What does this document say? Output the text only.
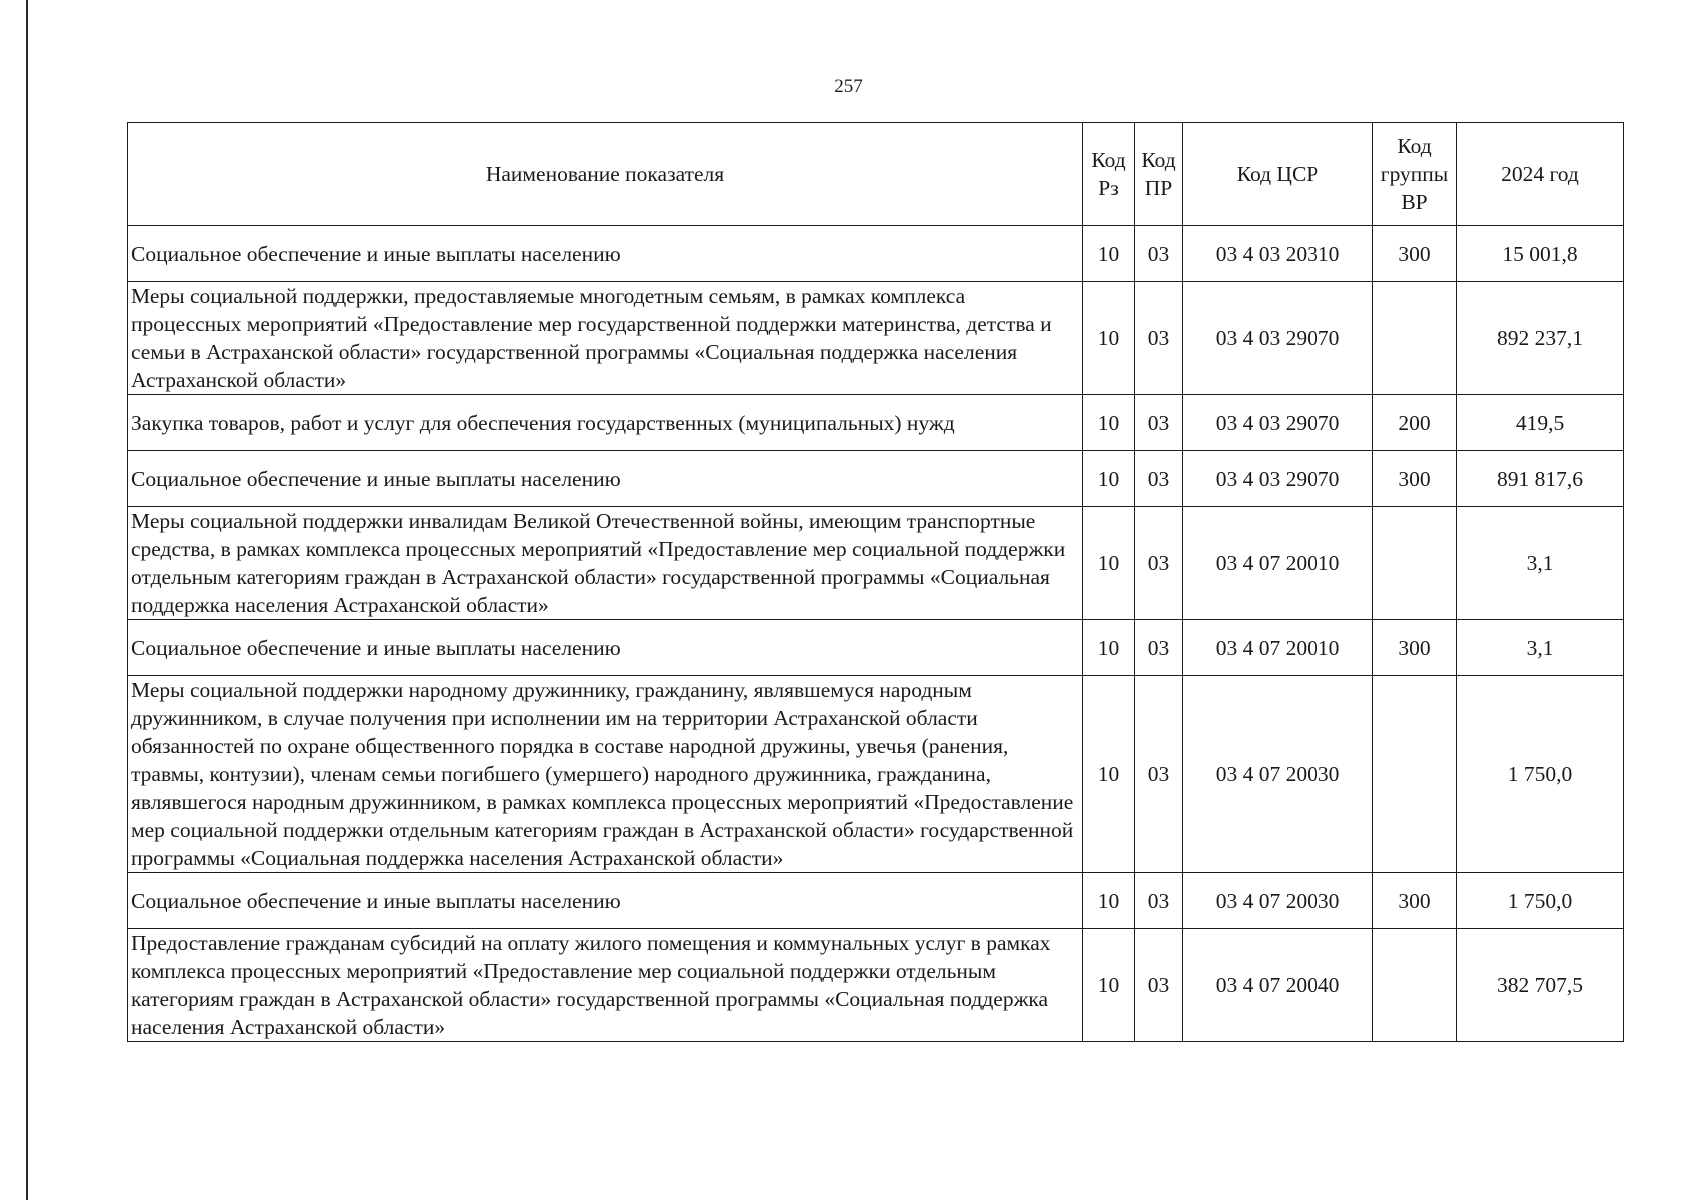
257
Наименование показателя	Код Рз	Код ПР	Код ЦСР	Код группы ВР	2024 год
Социальное обеспечение и иные выплаты населению	10	03	03 4 03 20310	300	15 001,8
Меры социальной поддержки, предоставляемые многодетным семьям, в рамках комплекса процессных мероприятий «Предоставление мер государственной поддержки материнства, детства и семьи в Астраханской области» государственной программы «Социальная поддержка населения Астраханской области»	10	03	03 4 03 29070		892 237,1
Закупка товаров, работ и услуг для обеспечения государственных (муниципальных) нужд	10	03	03 4 03 29070	200	419,5
Социальное обеспечение и иные выплаты населению	10	03	03 4 03 29070	300	891 817,6
Меры социальной поддержки инвалидам Великой Отечественной войны, имеющим транспортные средства, в рамках комплекса процессных мероприятий «Предоставление мер социальной поддержки отдельным категориям граждан в Астраханской области» государственной программы «Социальная поддержка населения Астраханской области»	10	03	03 4 07 20010		3,1
Социальное обеспечение и иные выплаты населению	10	03	03 4 07 20010	300	3,1
Меры социальной поддержки народному дружиннику, гражданину, являвшемуся народным дружинником, в случае получения при исполнении им на территории Астраханской области обязанностей по охране общественного порядка в составе народной дружины, увечья (ранения, травмы, контузии), членам семьи погибшего (умершего) народного дружинника, гражданина, являвшегося народным дружинником, в рамках комплекса процессных мероприятий «Предоставление мер социальной поддержки отдельным категориям граждан в Астраханской области» государственной программы «Социальная поддержка населения Астраханской области»	10	03	03 4 07 20030		1 750,0
Социальное обеспечение и иные выплаты населению	10	03	03 4 07 20030	300	1 750,0
Предоставление гражданам субсидий на оплату жилого помещения и коммунальных услуг в рамках комплекса процессных мероприятий «Предоставление мер социальной поддержки отдельным категориям граждан в Астраханской области» государственной программы «Социальная поддержка населения Астраханской области»	10	03	03 4 07 20040		382 707,5
